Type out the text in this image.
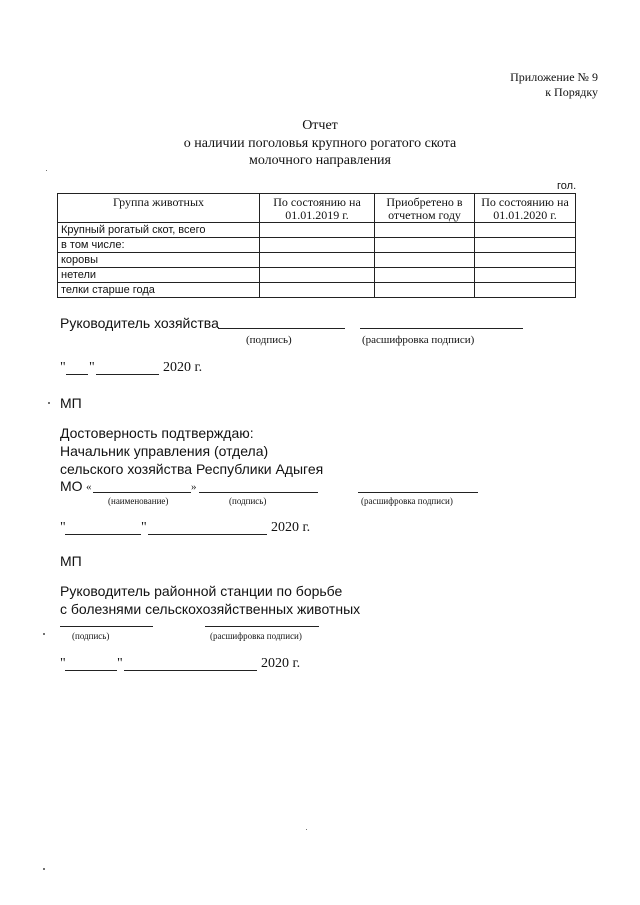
Приложение № 9
к Порядку
Отчет
о наличии поголовья крупного рогатого скота
молочного направления
гол.
Группа животных	По состоянию на 01.01.2019 г.	Приобретено в отчетном году	По состоянию на 01.01.2020 г.
Крупный рогатый скот, всего			
в том числе:			
коровы			
нетели			
телки старше года			
Руководитель хозяйства
(подпись)	(расшифровка подписи)
" "	2020 г.
МП
Достоверность подтверждаю:
Начальник управления (отдела)
сельского хозяйства Республики Адыгея
МО «	»
(наименование)	(подпись)	(расшифровка подписи)
"	"	2020 г.
МП
Руководитель районной станции по борьбе
с болезнями сельскохозяйственных животных
(подпись)	(расшифровка подписи)
"	"	2020 г.
